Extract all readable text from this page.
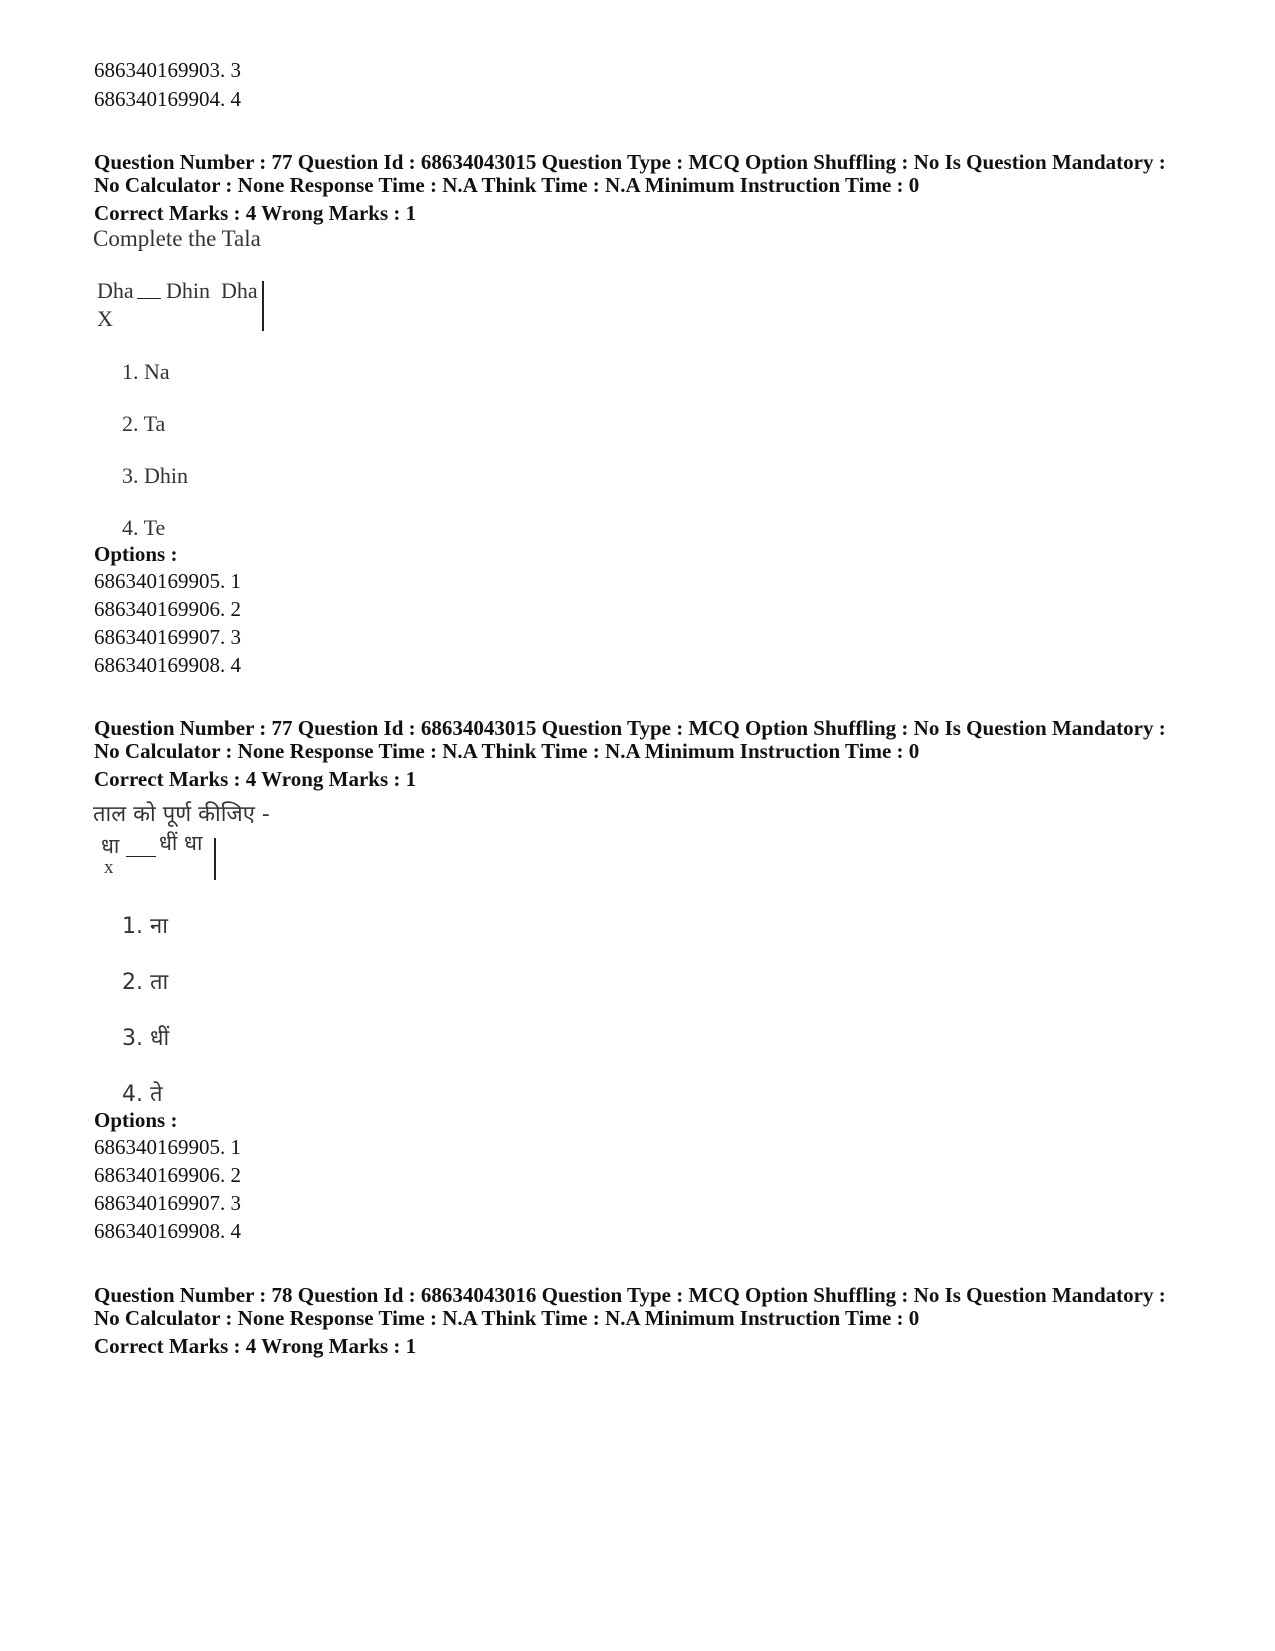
686340169903. 3
686340169904. 4
Question Number : 77 Question Id : 68634043015 Question Type : MCQ Option Shuffling : No Is Question Mandatory :
No Calculator : None Response Time : N.A Think Time : N.A Minimum Instruction Time : 0
Correct Marks : 4 Wrong Marks : 1
Complete the Tala
Dha Dhin Dha
X
1. Na
2. Ta
3. Dhin
4. Te
Options :
686340169905. 1
686340169906. 2
686340169907. 3
686340169908. 4
Question Number : 77 Question Id : 68634043015 Question Type : MCQ Option Shuffling : No Is Question Mandatory :
No Calculator : None Response Time : N.A Think Time : N.A Minimum Instruction Time : 0
Correct Marks : 4 Wrong Marks : 1
ताल को पूर्ण कीजिए -
धा धीं धा
x
1. ना
2. ता
3. धीं
4. ते
Options :
686340169905. 1
686340169906. 2
686340169907. 3
686340169908. 4
Question Number : 78 Question Id : 68634043016 Question Type : MCQ Option Shuffling : No Is Question Mandatory :
No Calculator : None Response Time : N.A Think Time : N.A Minimum Instruction Time : 0
Correct Marks : 4 Wrong Marks : 1
